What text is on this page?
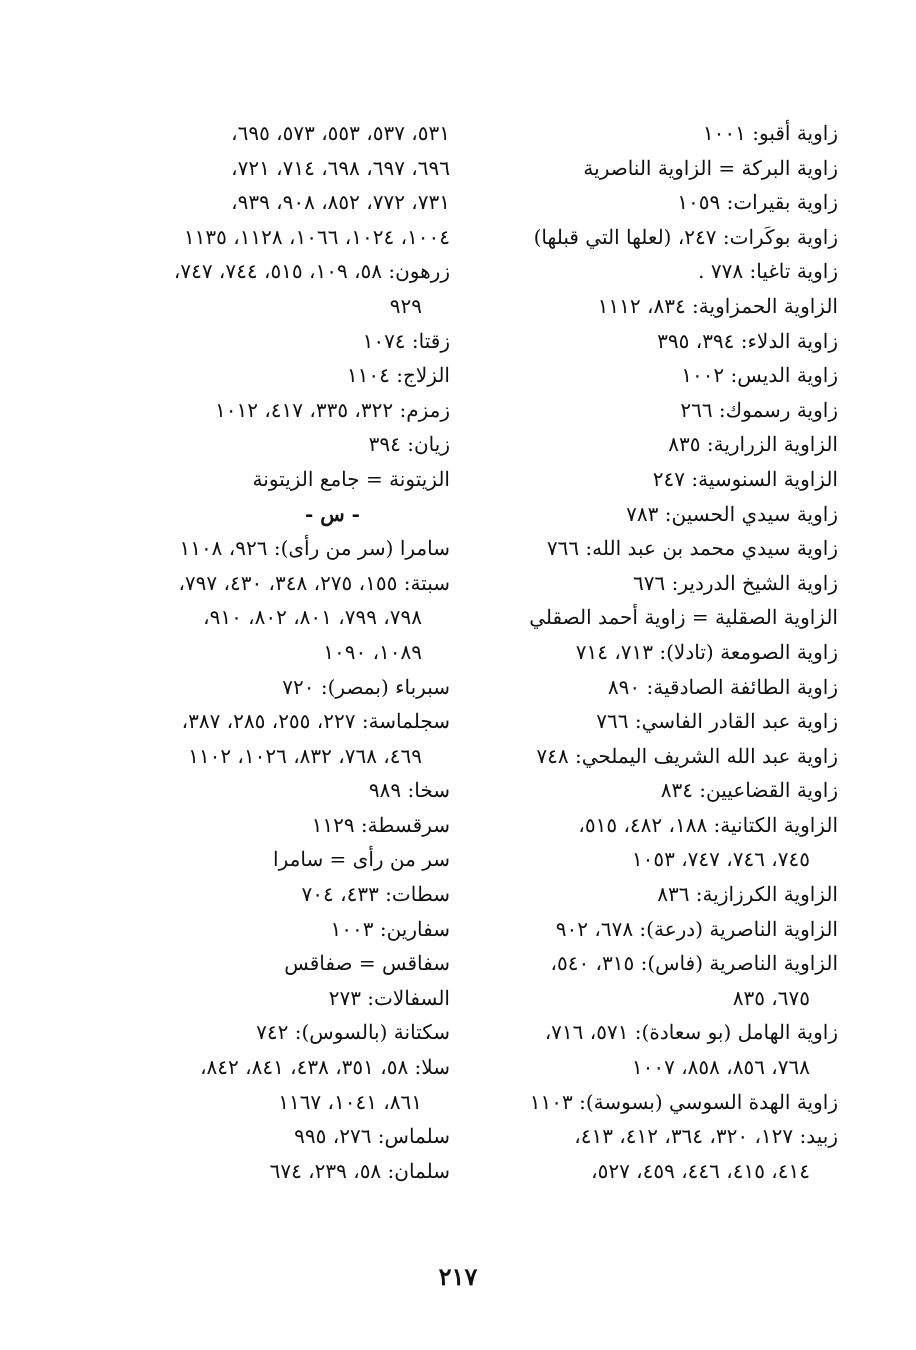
زاوية أقبو: ١٠٠١
زاوية البركة = الزاوية الناصرية
زاوية بقيرات: ١٠٥٩
زاوية بوكَرات: ٢٤٧، (لعلها التي قبلها)
زاوية تاغيا: ٧٧٨ .
الزاوية الحمزاوية: ٨٣٤، ١١١٢
زاوية الدلاء: ٣٩٤، ٣٩٥
زاوية الديس: ١٠٠٢
زاوية رسموك: ٢٦٦
الزاوية الزرارية: ٨٣٥
الزاوية السنوسية: ٢٤٧
زاوية سيدي الحسين: ٧٨٣
زاوية سيدي محمد بن عبد الله: ٧٦٦
زاوية الشيخ الدردير: ٦٧٦
الزاوية الصقلية = زاوية أحمد الصقلي
زاوية الصومعة (تادلا): ٧١٣، ٧١٤
زاوية الطائفة الصادقية: ٨٩٠
زاوية عبد القادر الفاسي: ٧٦٦
زاوية عبد الله الشريف اليملحي: ٧٤٨
زاوية القضاعيين: ٨٣٤
الزاوية الكتانية: ١٨٨، ٤٨٢، ٥١٥،
٧٤٥، ٧٤٦، ٧٤٧، ١٠٥٣
الزاوية الكرزازية: ٨٣٦
الزاوية الناصرية (درعة): ٦٧٨، ٩٠٢
الزاوية الناصرية (فاس): ٣١٥، ٥٤٠،
٦٧٥، ٨٣٥
زاوية الهامل (بو سعادة): ٥٧١، ٧١٦،
٧٦٨، ٨٥٦، ٨٥٨، ١٠٠٧
زاوية الهدة السوسي (بسوسة): ١١٠٣
زبيد: ١٢٧، ٣٢٠، ٣٦٤، ٤١٢، ٤١٣،
٤١٤، ٤١٥، ٤٤٦، ٤٥٩، ٥٢٧،
٥٣١، ٥٣٧، ٥٥٣، ٥٧٣، ٦٩٥،
٦٩٦، ٦٩٧، ٦٩٨، ٧١٤، ٧٢١،
٧٣١، ٧٧٢، ٨٥٢، ٩٠٨، ٩٣٩،
١٠٠٤، ١٠٢٤، ١٠٦٦، ١١٢٨، ١١٣٥
زرهون: ٥٨، ١٠٩، ٥١٥، ٧٤٤، ٧٤٧،
٩٢٩
زقتا: ١٠٧٤
الزلاج: ١١٠٤
زمزم: ٣٢٢، ٣٣٥، ٤١٧، ١٠١٢
زيان: ٣٩٤
الزيتونة = جامع الزيتونة
- س -
سامرا (سر من رأى): ٩٢٦، ١١٠٨
سبتة: ١٥٥، ٢٧٥، ٣٤٨، ٤٣٠، ٧٩٧،
٧٩٨، ٧٩٩، ٨٠١، ٨٠٢، ٩١٠،
١٠٨٩، ١٠٩٠
سبرباء (بمصر): ٧٢٠
سجلماسة: ٢٢٧، ٢٥٥، ٢٨٥، ٣٨٧،
٤٦٩، ٧٦٨، ٨٣٢، ١٠٢٦، ١١٠٢
سخا: ٩٨٩
سرقسطة: ١١٢٩
سر من رأى = سامرا
سطات: ٤٣٣، ٧٠٤
سفارين: ١٠٠٣
سفاقس = صفاقس
السفالات: ٢٧٣
سكتانة (بالسوس): ٧٤٢
سلا: ٥٨، ٣٥١، ٤٣٨، ٨٤١، ٨٤٢،
٨٦١، ١٠٤١، ١١٦٧
سلماس: ٢٧٦، ٩٩٥
سلمان: ٥٨، ٢٣٩، ٦٧٤
٢١٧
